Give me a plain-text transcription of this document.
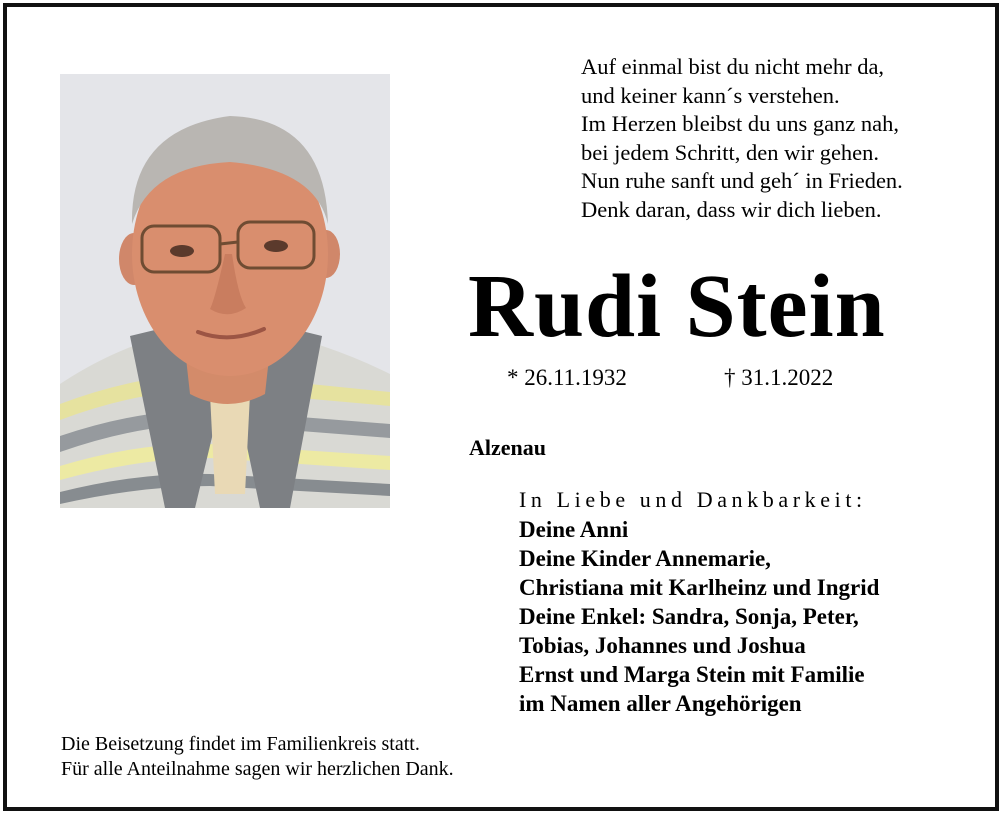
Auf einmal bist du nicht mehr da,
und keiner kann´s verstehen.
Im Herzen bleibst du uns ganz nah,
bei jedem Schritt, den wir gehen.
Nun ruhe sanft und geh´ in Frieden.
Denk daran, dass wir dich lieben.
Rudi Stein
* 26.11.1932	† 31.1.2022
Alzenau
In Liebe und Dankbarkeit:
Deine Anni
Deine Kinder Annemarie,
Christiana mit Karlheinz und Ingrid
Deine Enkel: Sandra, Sonja, Peter,
Tobias, Johannes und Joshua
Ernst und Marga Stein mit Familie
im Namen aller Angehörigen
Die Beisetzung findet im Familienkreis statt.
Für alle Anteilnahme sagen wir herzlichen Dank.
